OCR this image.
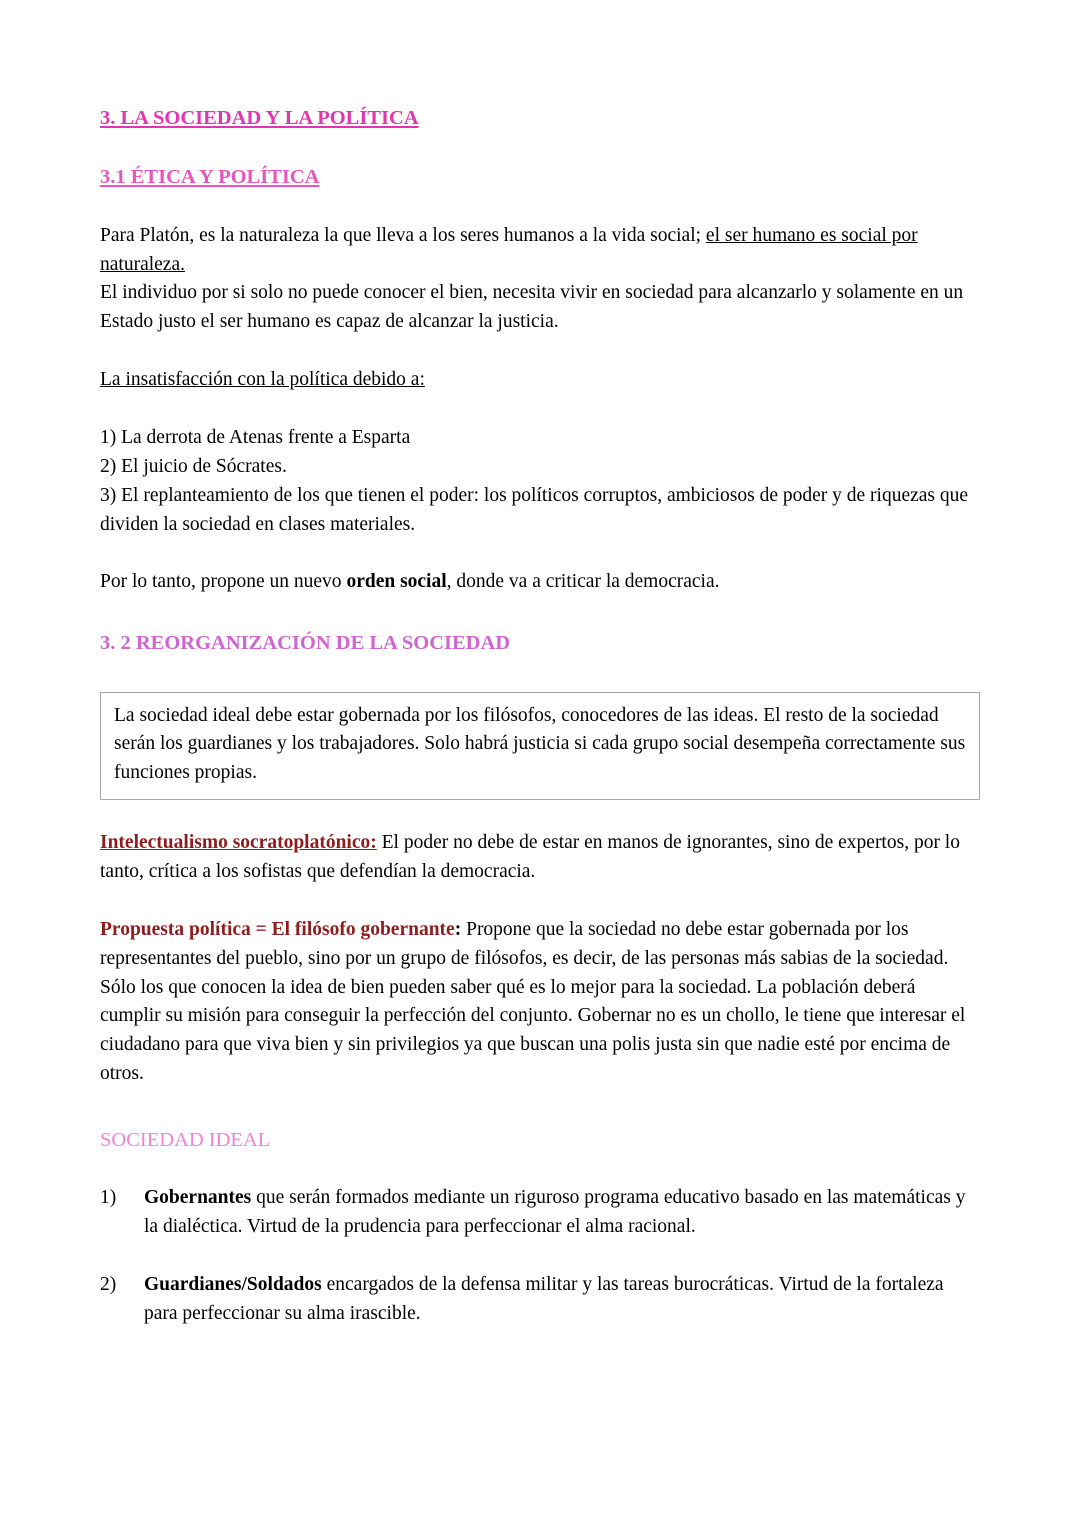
3. LA SOCIEDAD Y LA POLÍTICA
3.1 ÉTICA Y POLÍTICA

Para Platón, es la naturaleza la que lleva a los seres humanos a la vida social; el ser humano es social por naturaleza.

El individuo por si solo no puede conocer el bien, necesita vivir en sociedad para alcanzarlo y solamente en un Estado justo el ser humano es capaz de alcanzar la justicia.

La insatisfacción con la política debido a:

1) La derrota de Atenas frente a Esparta
2) El juicio de Sócrates.
3) El replanteamiento de los que tienen el poder: los políticos corruptos, ambiciosos de poder y de riquezas que dividen la sociedad en clases materiales.

Por lo tanto, propone un nuevo orden social, donde va a criticar la democracia.

3. 2 REORGANIZACIÓN DE LA SOCIEDAD
La sociedad ideal debe estar gobernada por los filósofos, conocedores de las ideas. El resto de la sociedad serán los guardianes y los trabajadores. Solo habrá justicia si cada grupo social desempeña correctamente sus funciones propias.

Intelectualismo socratoplatónico: El poder no debe de estar en manos de ignorantes, sino de expertos, por lo tanto, crítica a los sofistas que defendían la democracia.

Propuesta política = El filósofo gobernante: Propone que la sociedad no debe estar gobernada por los representantes del pueblo, sino por un grupo de filósofos, es decir, de las personas más sabias de la sociedad. Sólo los que conocen la idea de bien pueden saber qué es lo mejor para la sociedad. La población deberá cumplir su misión para conseguir la perfección del conjunto. Gobernar no es un chollo, le tiene que interesar el ciudadano para que viva bien y sin privilegios ya que buscan una polis justa sin que nadie esté por encima de otros.

SOCIEDAD IDEAL
1)	Gobernantes que serán formados mediante un riguroso programa educativo basado en las matemáticas y la dialéctica. Virtud de la prudencia para perfeccionar el alma racional.
2)	Guardianes/Soldados encargados de la defensa militar y las tareas burocráticas. Virtud de la fortaleza para perfeccionar su alma irascible.
